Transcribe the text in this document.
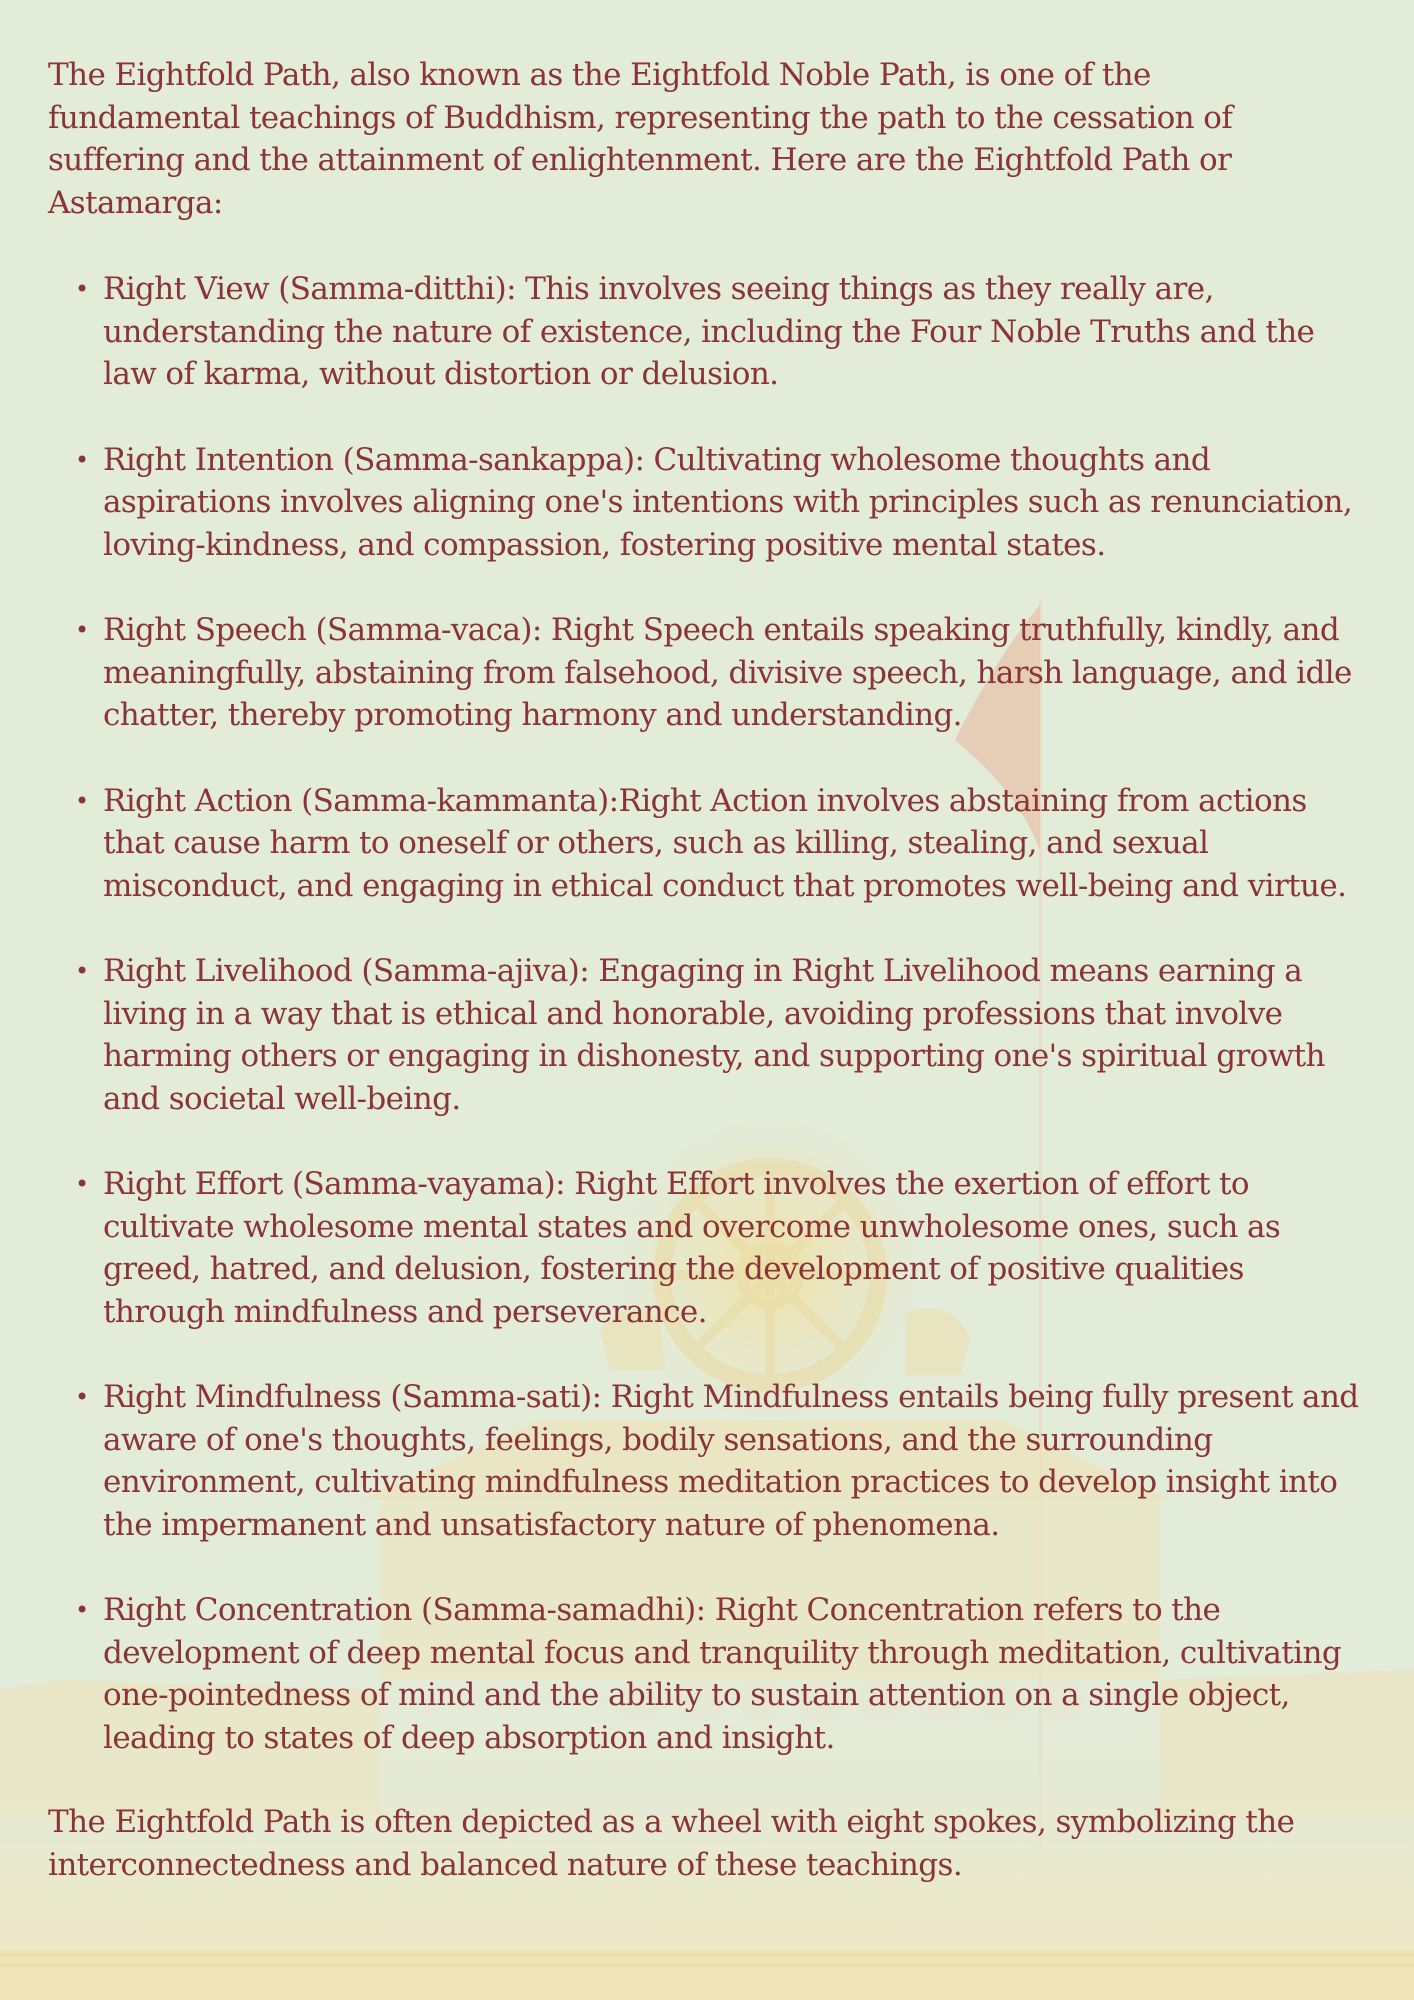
The Eightfold Path, also known as the Eightfold Noble Path, is one of the fundamental teachings of Buddhism, representing the path to the cessation of suffering and the attainment of enlightenment. Here are the Eightfold Path or Astamarga:

• Right View (Samma-ditthi): This involves seeing things as they really are, understanding the nature of existence, including the Four Noble Truths and the law of karma, without distortion or delusion.
• Right Intention (Samma-sankappa): Cultivating wholesome thoughts and aspirations involves aligning one's intentions with principles such as renunciation, loving-kindness, and compassion, fostering positive mental states.
• Right Speech (Samma-vaca): Right Speech entails speaking truthfully, kindly, and meaningfully, abstaining from falsehood, divisive speech, harsh language, and idle chatter, thereby promoting harmony and understanding.
• Right Action (Samma-kammanta):Right Action involves abstaining from actions that cause harm to oneself or others, such as killing, stealing, and sexual misconduct, and engaging in ethical conduct that promotes well-being and virtue.
• Right Livelihood (Samma-ajiva): Engaging in Right Livelihood means earning a living in a way that is ethical and honorable, avoiding professions that involve harming others or engaging in dishonesty, and supporting one's spiritual growth and societal well-being.
• Right Effort (Samma-vayama): Right Effort involves the exertion of effort to cultivate wholesome mental states and overcome unwholesome ones, such as greed, hatred, and delusion, fostering the development of positive qualities through mindfulness and perseverance.
• Right Mindfulness (Samma-sati): Right Mindfulness entails being fully present and aware of one's thoughts, feelings, bodily sensations, and the surrounding environment, cultivating mindfulness meditation practices to develop insight into the impermanent and unsatisfactory nature of phenomena.
• Right Concentration (Samma-samadhi): Right Concentration refers to the development of deep mental focus and tranquility through meditation, cultivating one-pointedness of mind and the ability to sustain attention on a single object, leading to states of deep absorption and insight.

The Eightfold Path is often depicted as a wheel with eight spokes, symbolizing the interconnectedness and balanced nature of these teachings.
